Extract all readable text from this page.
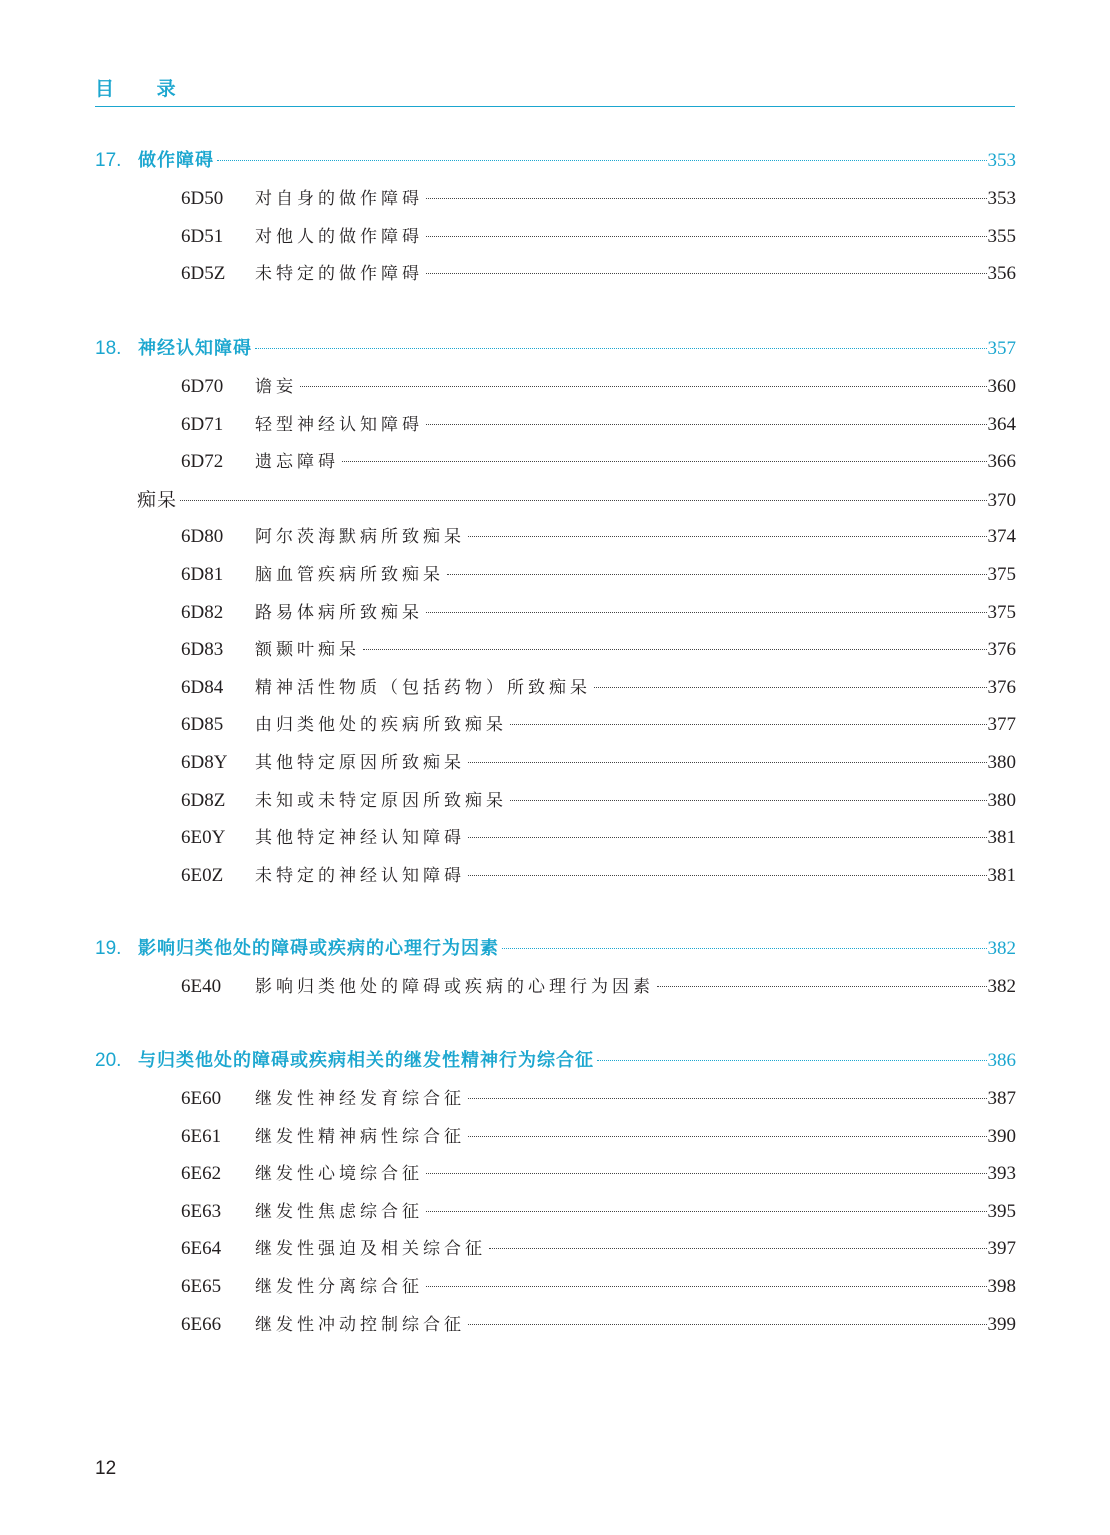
目 录
17. 做作障碍	353
6D50	对自身的做作障碍	353
6D51	对他人的做作障碍	355
6D5Z	未特定的做作障碍	356
18. 神经认知障碍	357
6D70	谵妄	360
6D71	轻型神经认知障碍	364
6D72	遗忘障碍	366
痴呆	370
6D80	阿尔茨海默病所致痴呆	374
6D81	脑血管疾病所致痴呆	375
6D82	路易体病所致痴呆	375
6D83	额颞叶痴呆	376
6D84	精神活性物质（包括药物）所致痴呆	376
6D85	由归类他处的疾病所致痴呆	377
6D8Y	其他特定原因所致痴呆	380
6D8Z	未知或未特定原因所致痴呆	380
6E0Y	其他特定神经认知障碍	381
6E0Z	未特定的神经认知障碍	381
19. 影响归类他处的障碍或疾病的心理行为因素	382
6E40	影响归类他处的障碍或疾病的心理行为因素	382
20. 与归类他处的障碍或疾病相关的继发性精神行为综合征	386
6E60	继发性神经发育综合征	387
6E61	继发性精神病性综合征	390
6E62	继发性心境综合征	393
6E63	继发性焦虑综合征	395
6E64	继发性强迫及相关综合征	397
6E65	继发性分离综合征	398
6E66	继发性冲动控制综合征	399
12
